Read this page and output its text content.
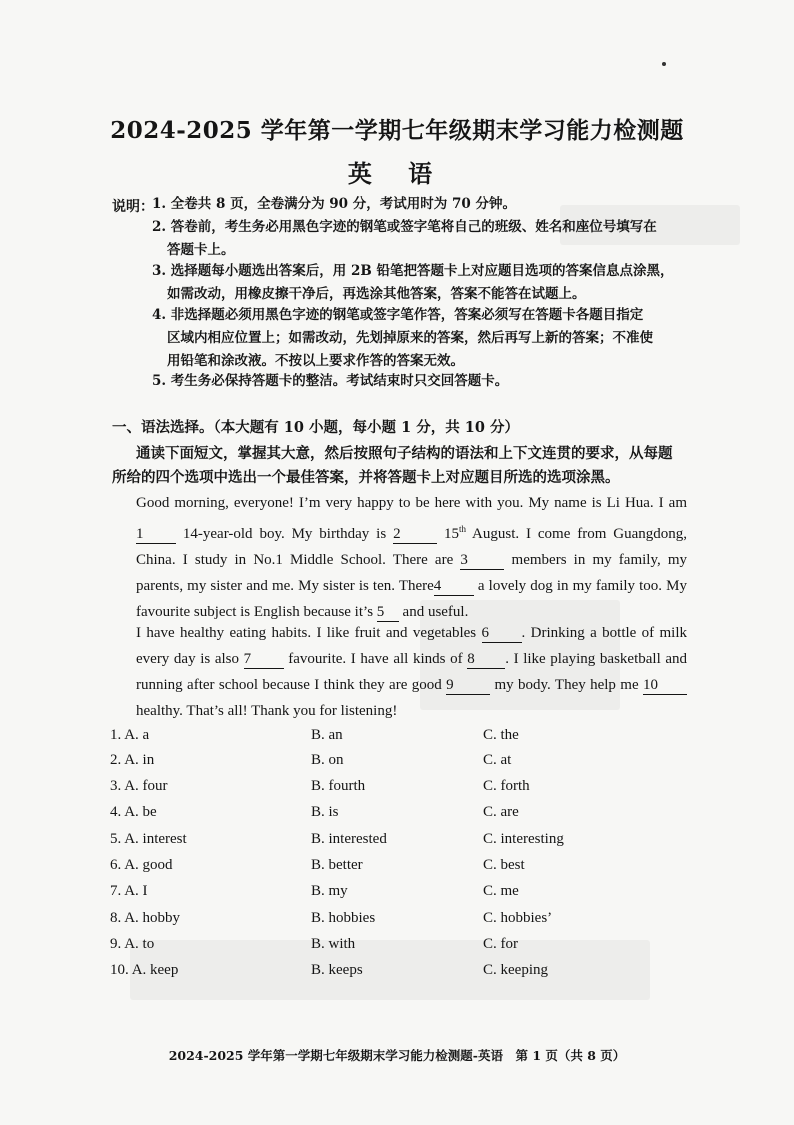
2024-2025 学年第一学期七年级期末学习能力检测题
英 语
说明：
1. 全卷共 8 页，全卷满分为 90 分，考试用时为 70 分钟。
2. 答卷前，考生务必用黑色字迹的钢笔或签字笔将自己的班级、姓名和座位号填写在
答题卡上。
3. 选择题每小题选出答案后，用 2B 铅笔把答题卡上对应题目选项的答案信息点涂黑，
如需改动，用橡皮擦干净后，再选涂其他答案，答案不能答在试题上。
4. 非选择题必须用黑色字迹的钢笔或签字笔作答，答案必须写在答题卡各题目指定
区域内相应位置上；如需改动，先划掉原来的答案，然后再写上新的答案；不准使
用铅笔和涂改液。不按以上要求作答的答案无效。
5. 考生务必保持答题卡的整洁。考试结束时只交回答题卡。
一、语法选择。（本大题有 10 小题，每小题 1 分，共 10 分）
通读下面短文，掌握其大意，然后按照句子结构的语法和上下文连贯的要求，从每题
所给的四个选项中选出一个最佳答案，并将答题卡上对应题目所选的选项涂黑。
Good morning, everyone! I’m very happy to be here with you. My name is Li Hua. I am 1	14-year-old boy. My birthday is 2	15th August. I come from Guangdong, China. I study in No.1 Middle School. There are 3	members in my family, my parents, my sister and me. My sister is ten. There4 a lovely dog in my family too. My favourite subject is English because it’s 5 and useful.
I have healthy eating habits. I like fruit and vegetables 6 . Drinking a bottle of milk every day is also 7 favourite. I have all kinds of 8 . I like playing basketball and running after school because I think they are good 9	my body. They help me 10 healthy. That’s all! Thank you for listening!
1. A. a	B. an	C. the
2. A. in	B. on	C. at
3. A. four	B. fourth	C. forth
4. A. be	B. is	C. are
5. A. interest	B. interested	C. interesting
6. A. good	B. better	C. best
7. A. I	B. my	C. me
8. A. hobby	B. hobbies	C. hobbies’
9. A. to	B. with	C. for
10. A. keep	B. keeps	C. keeping
2024-2025 学年第一学期七年级期末学习能力检测题-英语　第 1 页（共 8 页）
